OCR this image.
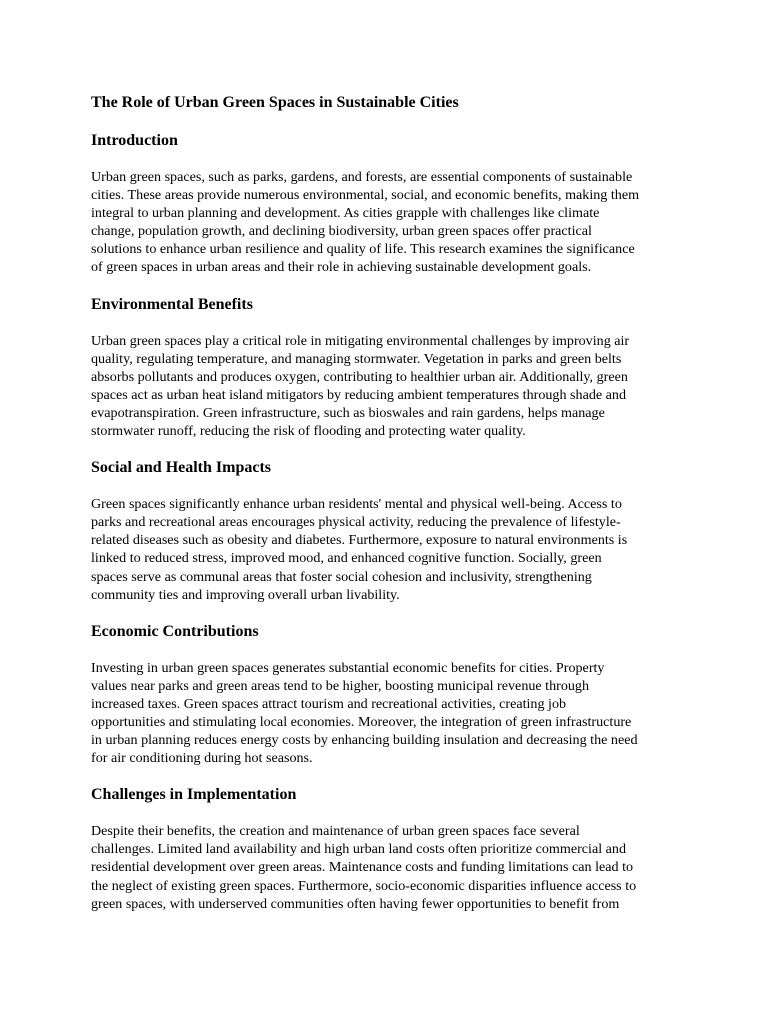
The Role of Urban Green Spaces in Sustainable Cities
Introduction
Urban green spaces, such as parks, gardens, and forests, are essential components of sustainable
cities. These areas provide numerous environmental, social, and economic benefits, making them
integral to urban planning and development. As cities grapple with challenges like climate
change, population growth, and declining biodiversity, urban green spaces offer practical
solutions to enhance urban resilience and quality of life. This research examines the significance
of green spaces in urban areas and their role in achieving sustainable development goals.
Environmental Benefits
Urban green spaces play a critical role in mitigating environmental challenges by improving air
quality, regulating temperature, and managing stormwater. Vegetation in parks and green belts
absorbs pollutants and produces oxygen, contributing to healthier urban air. Additionally, green
spaces act as urban heat island mitigators by reducing ambient temperatures through shade and
evapotranspiration. Green infrastructure, such as bioswales and rain gardens, helps manage
stormwater runoff, reducing the risk of flooding and protecting water quality.
Social and Health Impacts
Green spaces significantly enhance urban residents' mental and physical well-being. Access to
parks and recreational areas encourages physical activity, reducing the prevalence of lifestyle-
related diseases such as obesity and diabetes. Furthermore, exposure to natural environments is
linked to reduced stress, improved mood, and enhanced cognitive function. Socially, green
spaces serve as communal areas that foster social cohesion and inclusivity, strengthening
community ties and improving overall urban livability.
Economic Contributions
Investing in urban green spaces generates substantial economic benefits for cities. Property
values near parks and green areas tend to be higher, boosting municipal revenue through
increased taxes. Green spaces attract tourism and recreational activities, creating job
opportunities and stimulating local economies. Moreover, the integration of green infrastructure
in urban planning reduces energy costs by enhancing building insulation and decreasing the need
for air conditioning during hot seasons.
Challenges in Implementation
Despite their benefits, the creation and maintenance of urban green spaces face several
challenges. Limited land availability and high urban land costs often prioritize commercial and
residential development over green areas. Maintenance costs and funding limitations can lead to
the neglect of existing green spaces. Furthermore, socio-economic disparities influence access to
green spaces, with underserved communities often having fewer opportunities to benefit from
